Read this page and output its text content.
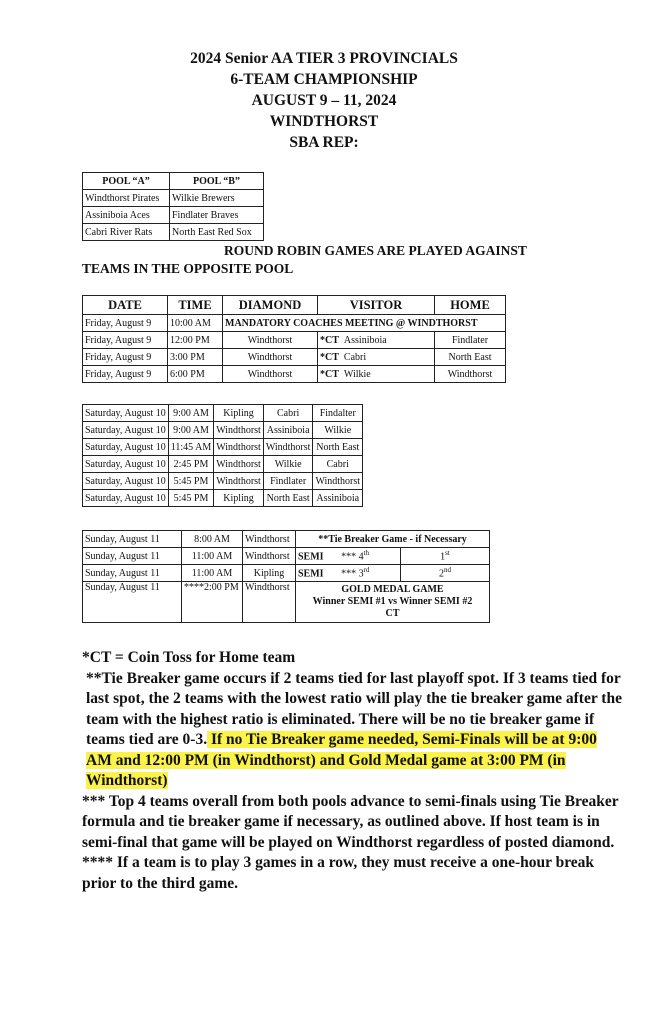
2024 Senior AA TIER 3 PROVINCIALS
6-TEAM CHAMPIONSHIP
AUGUST 9 – 11, 2024
WINDTHORST
SBA REP:
POOL “A”	POOL “B”
Windthorst Pirates	Wilkie Brewers
Assiniboia Aces	Findlater Braves
Cabri River Rats	North East Red Sox
ROUND ROBIN GAMES ARE PLAYED AGAINST
TEAMS IN THE OPPOSITE POOL
DATE	TIME	DIAMOND	VISITOR	HOME
Friday, August 9	10:00 AM	MANDATORY COACHES MEETING @ WINDTHORST		
Friday, August 9	12:00 PM	Windthorst	*CT Assiniboia	Findlater
Friday, August 9	3:00 PM	Windthorst	*CT Cabri	North East
Friday, August 9	6:00 PM	Windthorst	*CT Wilkie	Windthorst
Saturday, August 10	9:00 AM	Kipling	Cabri	Findalter
Saturday, August 10	9:00 AM	Windthorst	Assiniboia	Wilkie
Saturday, August 10	11:45 AM	Windthorst	Windthorst	North East
Saturday, August 10	2:45 PM	Windthorst	Wilkie	Cabri
Saturday, August 10	5:45 PM	Windthorst	Findlater	Windthorst
Saturday, August 10	5:45 PM	Kipling	North East	Assiniboia
Sunday, August 11	8:00 AM	Windthorst	**Tie Breaker Game - if Necessary	
Sunday, August 11	11:00 AM	Windthorst	SEMI *** 4th	1st
Sunday, August 11	11:00 AM	Kipling	SEMI *** 3rd	2nd
Sunday, August 11	****2:00 PM	Windthorst	GOLD MEDAL GAME
Winner SEMI #1 vs Winner SEMI #2
CT	
*CT = Coin Toss for Home team
**Tie Breaker game occurs if 2 teams tied for last playoff spot. If 3 teams tied for last spot, the 2 teams with the lowest ratio will play the tie breaker game after the team with the highest ratio is eliminated. There will be no tie breaker game if teams tied are 0-3. If no Tie Breaker game needed, Semi-Finals will be at 9:00 AM and 12:00 PM (in Windthorst) and Gold Medal game at 3:00 PM (in Windthorst)
*** Top 4 teams overall from both pools advance to semi-finals using Tie Breaker formula and tie breaker game if necessary, as outlined above. If host team is in semi-final that game will be played on Windthorst regardless of posted diamond.
**** If a team is to play 3 games in a row, they must receive a one-hour break prior to the third game.
